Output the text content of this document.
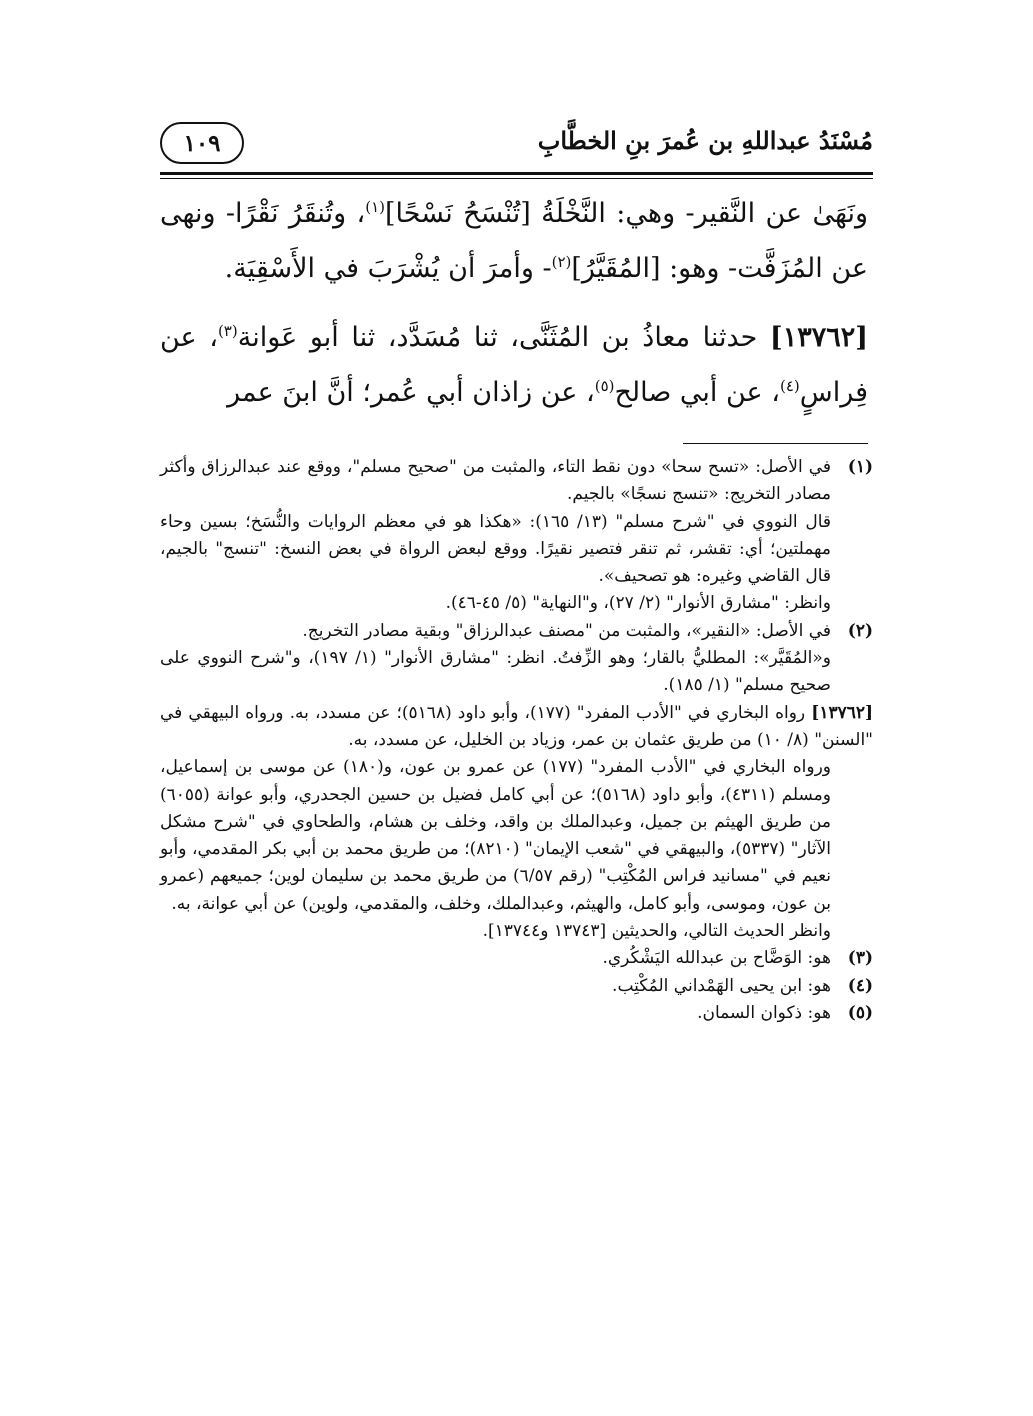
مُسْنَدُ عبداللهِ بن عُمرَ بنِ الخطَّابِ
١٠٩

ونَهَىٰ عن النَّقير- وهي: النَّخْلَةُ [تُنْسَحُ نَسْحًا]$^{(١)}$، وتُنقَرُ نَقْرًا- ونهى عن المُزَفَّت- وهو: [المُقَيَّرُ]$^{(٢)}$- وأمرَ أن يُشْرَبَ في الأَسْقِيَة.

[١٣٧٦٢] حدثنا معاذُ بن المُثَنَّى، ثنا مُسَدَّد، ثنا أبو عَوانة$^{(٣)}$، عن فِراسٍ$^{(٤)}$، عن أبي صالح$^{(٥)}$، عن زاذان أبي عُمر؛ أنَّ ابنَ عمر

(١)
في الأصل: «تسح سحا» دون نقط التاء، والمثبت من "صحيح مسلم"، ووقع عند عبدالرزاق وأكثر مصادر التخريج: «تنسج نسجًا» بالجيم.
قال النووي في "شرح مسلم" (١٣/ ١٦٥): «هكذا هو في معظم الروايات والنُّسَخ؛ بسين وحاء مهملتين؛ أي: تقشر، ثم تنقر فتصير نقيرًا. ووقع لبعض الرواة في بعض النسخ: "تنسج" بالجيم، قال القاضي وغيره: هو تصحيف».
وانظر: "مشارق الأنوار" (٢/ ٢٧)، و"النهاية" (٥/ ٤٥-٤٦).
(٢)
في الأصل: «النقير»، والمثبت من "مصنف عبدالرزاق" وبقية مصادر التخريج.
و«المُقَيَّر»: المطليُّ بالقار؛ وهو الزِّفتُ. انظر: "مشارق الأنوار" (١/ ١٩٧)، و"شرح النووي على صحيح مسلم" (١/ ١٨٥).
[١٣٧٦٢] رواه البخاري في "الأدب المفرد" (١٧٧)، وأبو داود (٥١٦٨)؛ عن مسدد، به. ورواه البيهقي في "السنن" (٨/ ١٠) من طريق عثمان بن عمر، وزياد بن الخليل، عن مسدد، به.
ورواه البخاري في "الأدب المفرد" (١٧٧) عن عمرو بن عون، و(١٨٠) عن موسى بن إسماعيل، ومسلم (٤٣١١)، وأبو داود (٥١٦٨)؛ عن أبي كامل فضيل بن حسين الجحدري، وأبو عوانة (٦٠٥٥) من طريق الهيثم بن جميل، وعبدالملك بن واقد، وخلف بن هشام، والطحاوي في "شرح مشكل الآثار" (٥٣٣٧)، والبيهقي في "شعب الإيمان" (٨٢١٠)؛ من طريق محمد بن أبي بكر المقدمي، وأبو نعيم في "مسانيد فراس المُكْتِب" (رقم ٦/٥٧) من طريق محمد بن سليمان لوين؛ جميعهم (عمرو بن عون، وموسى، وأبو كامل، والهيثم، وعبدالملك، وخلف، والمقدمي، ولوين) عن أبي عوانة، به.
وانظر الحديث التالي، والحديثين [١٣٧٤٣ و١٣٧٤٤].
(٣)
هو: الوَضَّاح بن عبدالله اليَشْكُري.
(٤)
هو: ابن يحيى الهَمْداني المُكْتِب.
(٥)
هو: ذكوان السمان.
